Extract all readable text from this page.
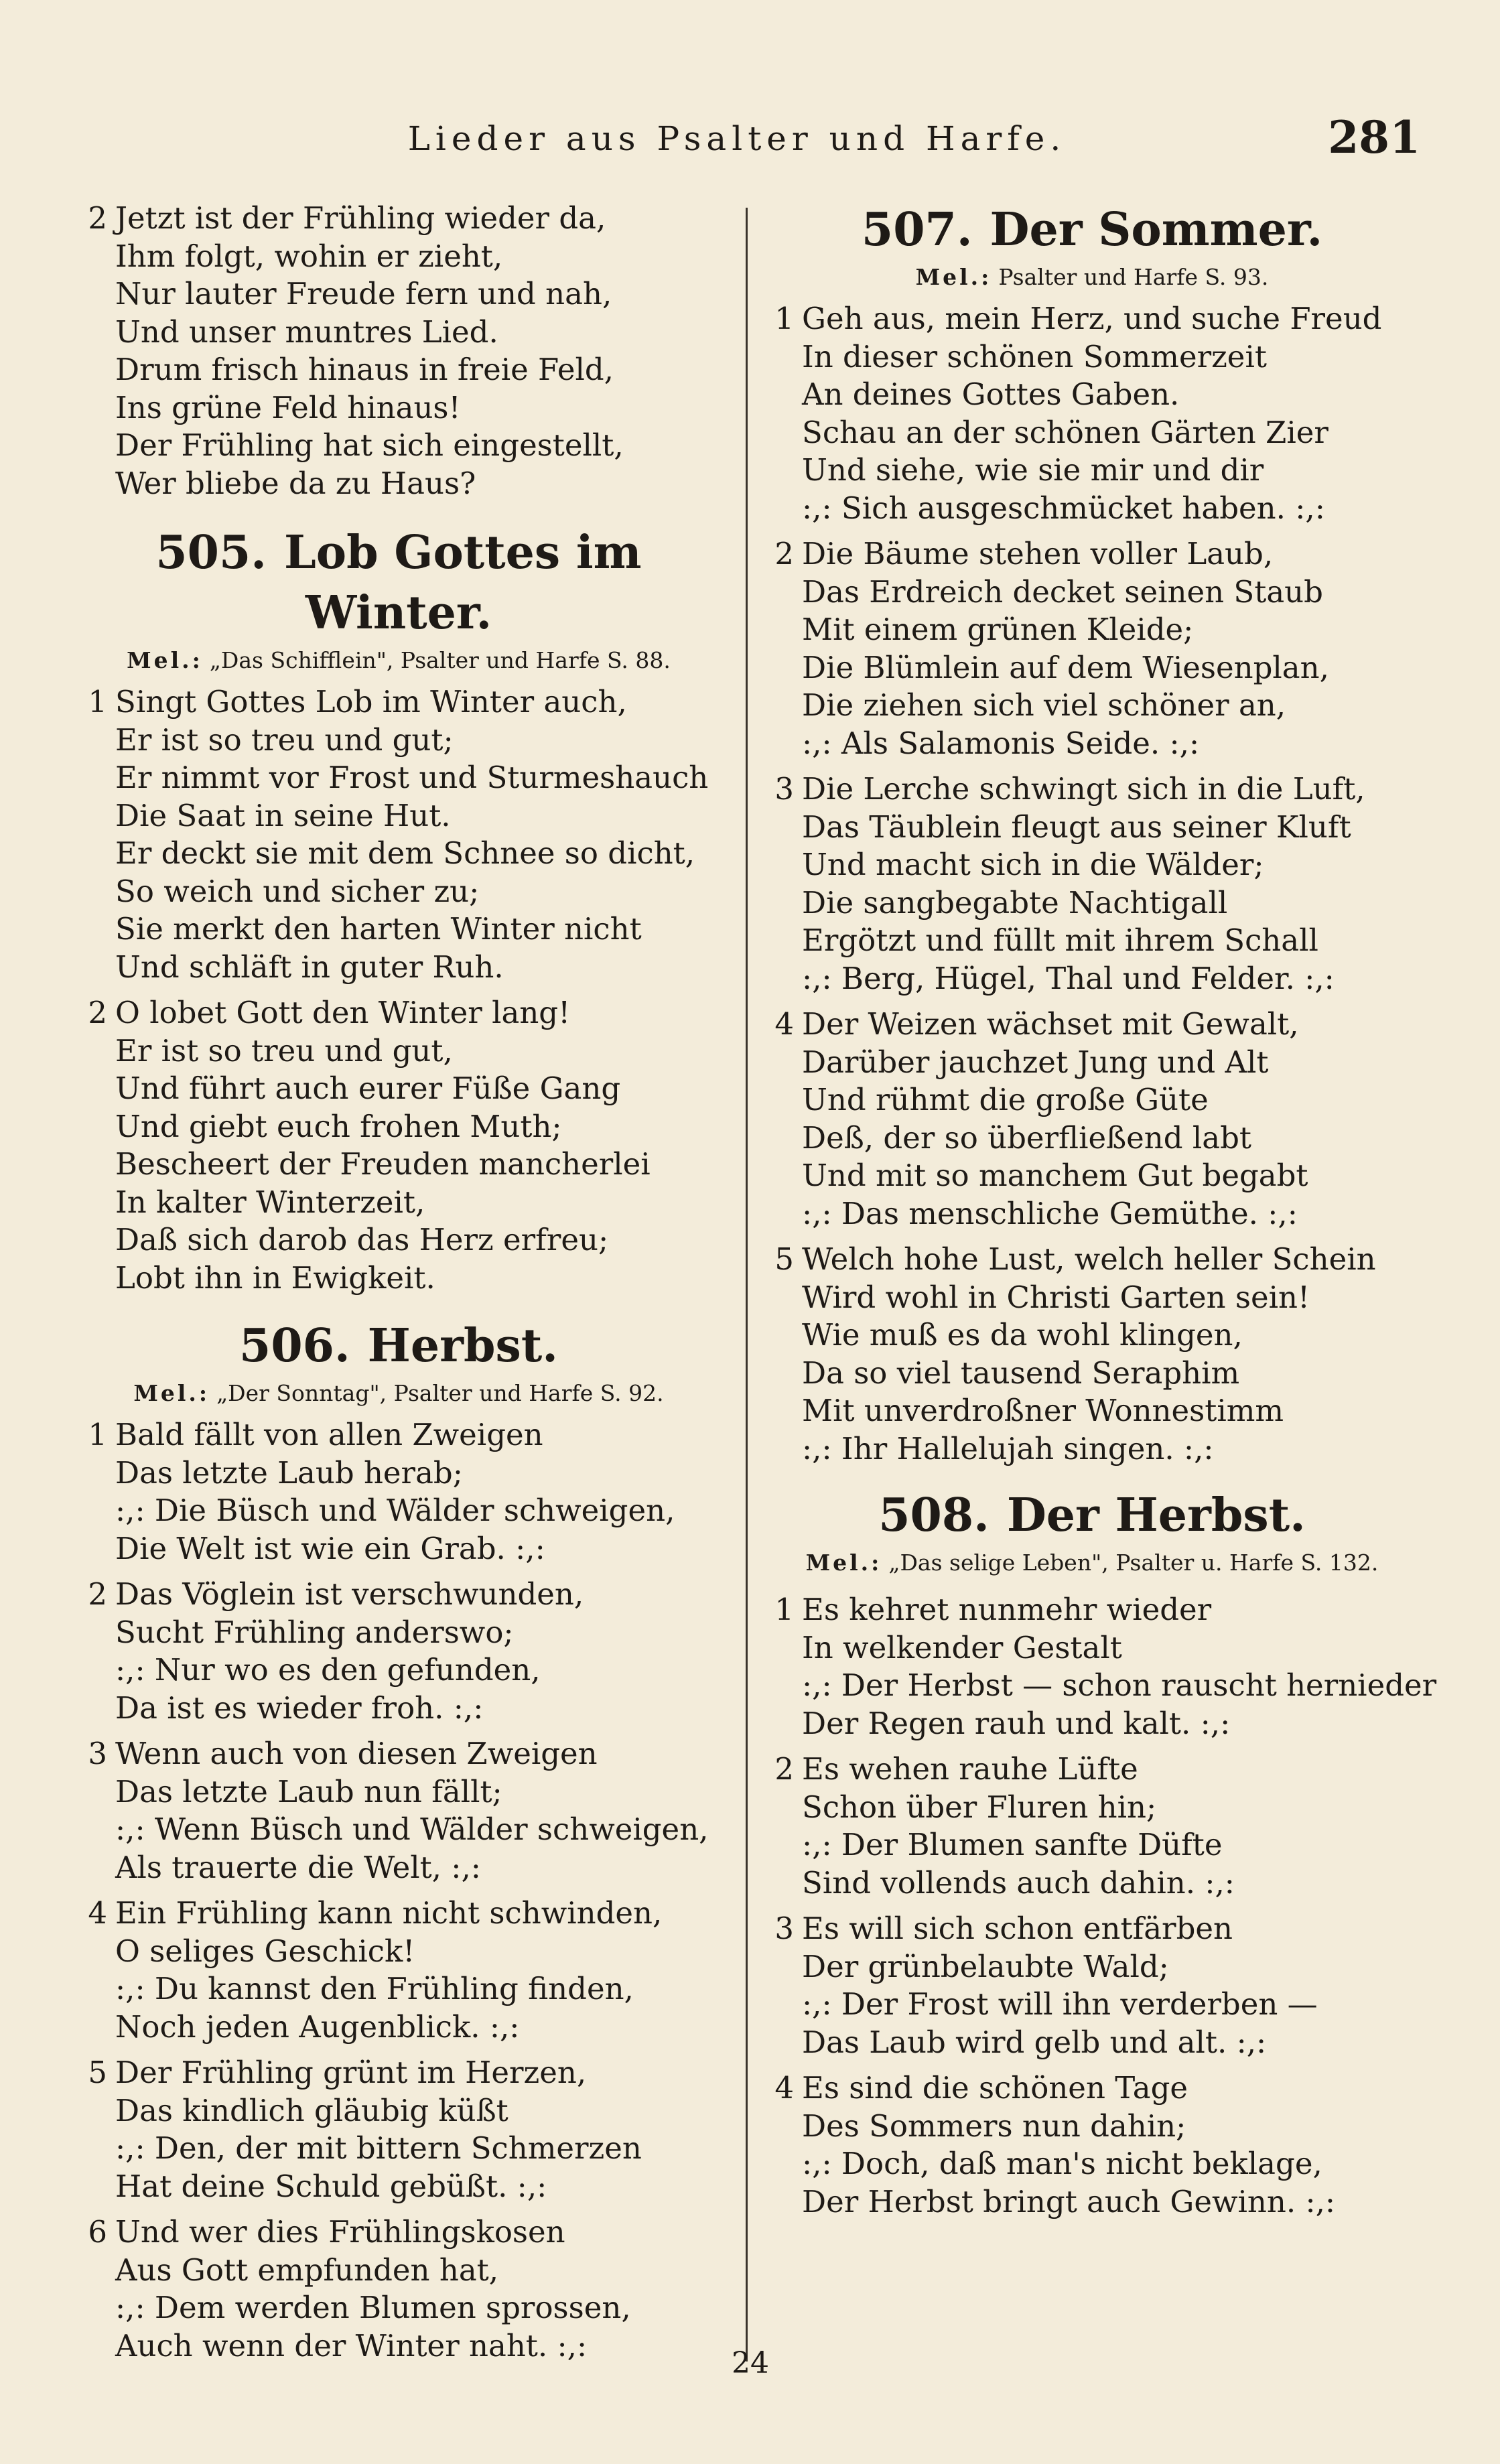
Lieder aus Psalter und Harfe.	281
2 Jetzt ist der Frühling wieder da,
Ihm folgt, wohin er zieht,
Nur lauter Freude fern und nah,
Und unser muntres Lied.
Drum frisch hinaus in freie Feld,
Ins grüne Feld hinaus!
Der Frühling hat sich eingestellt,
Wer bliebe da zu Haus?

505. Lob Gottes im Winter.

Mel.: „Das Schifflein", Psalter und Harfe S. 88.

1 Singt Gottes Lob im Winter auch,
Er ist so treu und gut;
Er nimmt vor Frost und Sturmeshauch
Die Saat in seine Hut.
Er deckt sie mit dem Schnee so dicht,
So weich und sicher zu;
Sie merkt den harten Winter nicht
Und schläft in guter Ruh.
2 O lobet Gott den Winter lang!
Er ist so treu und gut,
Und führt auch eurer Füße Gang
Und giebt euch frohen Muth;
Bescheert der Freuden mancherlei
In kalter Winterzeit,
Daß sich darob das Herz erfreu;
Lobt ihn in Ewigkeit.

506. Herbst.

Mel.: „Der Sonntag", Psalter und Harfe S. 92.

1 Bald fällt von allen Zweigen
Das letzte Laub herab;
:,: Die Büsch und Wälder schweigen,
Die Welt ist wie ein Grab. :,:
2 Das Vöglein ist verschwunden,
Sucht Frühling anderswo;
:,: Nur wo es den gefunden,
Da ist es wieder froh. :,:
3 Wenn auch von diesen Zweigen
Das letzte Laub nun fällt;
:,: Wenn Büsch und Wälder schweigen,
Als trauerte die Welt, :,:
4 Ein Frühling kann nicht schwinden,
O seliges Geschick!
:,: Du kannst den Frühling finden,
Noch jeden Augenblick. :,:
5 Der Frühling grünt im Herzen,
Das kindlich gläubig küßt
:,: Den, der mit bittern Schmerzen
Hat deine Schuld gebüßt. :,:
6 Und wer dies Frühlingskosen
Aus Gott empfunden hat,
:,: Dem werden Blumen sprossen,
Auch wenn der Winter naht. :,:

507. Der Sommer.

Mel.: Psalter und Harfe S. 93.

1 Geh aus, mein Herz, und suche Freud
In dieser schönen Sommerzeit
An deines Gottes Gaben.
Schau an der schönen Gärten Zier
Und siehe, wie sie mir und dir
:,: Sich ausgeschmücket haben. :,:
2 Die Bäume stehen voller Laub,
Das Erdreich decket seinen Staub
Mit einem grünen Kleide;
Die Blümlein auf dem Wiesenplan,
Die ziehen sich viel schöner an,
:,: Als Salamonis Seide. :,:
3 Die Lerche schwingt sich in die Luft,
Das Täublein fleugt aus seiner Kluft
Und macht sich in die Wälder;
Die sangbegabte Nachtigall
Ergötzt und füllt mit ihrem Schall
:,: Berg, Hügel, Thal und Felder. :,:
4 Der Weizen wächset mit Gewalt,
Darüber jauchzet Jung und Alt
Und rühmt die große Güte
Deß, der so überfließend labt
Und mit so manchem Gut begabt
:,: Das menschliche Gemüthe. :,:
5 Welch hohe Lust, welch heller Schein
Wird wohl in Christi Garten sein!
Wie muß es da wohl klingen,
Da so viel tausend Seraphim
Mit unverdroßner Wonnestimm
:,: Ihr Hallelujah singen. :,:

508. Der Herbst.

Mel.: „Das selige Leben", Psalter u. Harfe S. 132.

1 Es kehret nunmehr wieder
In welkender Gestalt
:,: Der Herbst — schon rauscht hernieder
Der Regen rauh und kalt. :,:
2 Es wehen rauhe Lüfte
Schon über Fluren hin;
:,: Der Blumen sanfte Düfte
Sind vollends auch dahin. :,:
3 Es will sich schon entfärben
Der grünbelaubte Wald;
:,: Der Frost will ihn verderben —
Das Laub wird gelb und alt. :,:
4 Es sind die schönen Tage
Des Sommers nun dahin;
:,: Doch, daß man's nicht beklage,
Der Herbst bringt auch Gewinn. :,:
24
